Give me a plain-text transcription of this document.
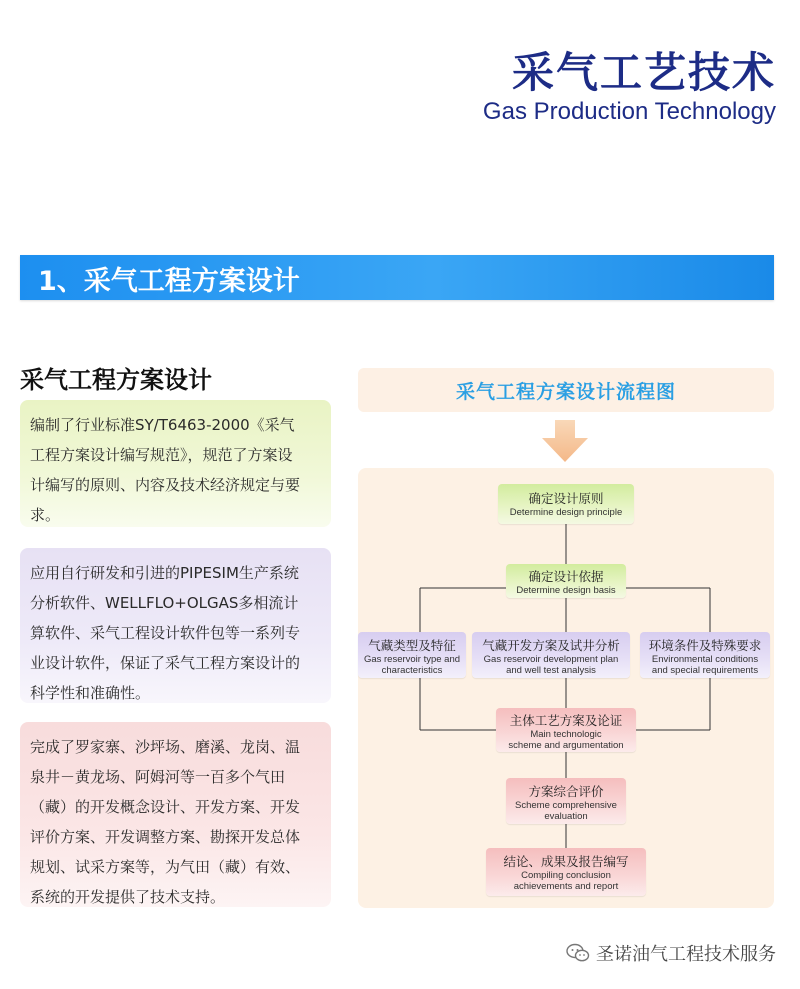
采气工艺技术
Gas Production Technology
1、采气工程方案设计
采气工程方案设计
编制了行业标准SY/T6463-2000《采气
工程方案设计编写规范》，规范了方案设
计编写的原则、内容及技术经济规定与要
求。
应用自行研发和引进的PIPESIM生产系统
分析软件、WELLFLO+OLGAS多相流计
算软件、采气工程设计软件包等一系列专
业设计软件，保证了采气工程方案设计的
科学性和准确性。
完成了罗家寨、沙坪场、磨溪、龙岗、温
泉井－黄龙场、阿姆河等一百多个气田
（藏）的开发概念设计、开发方案、开发
评价方案、开发调整方案、勘探开发总体
规划、试采方案等，为气田（藏）有效、
系统的开发提供了技术支持。
采气工程方案设计流程图
确定设计原则
Determine design principle
确定设计依据
Determine design basis
气藏类型及特征
Gas reservoir type and
characteristics
气藏开发方案及试井分析
Gas reservoir development plan
and well test analysis
环境条件及特殊要求
Environmental conditions
and special requirements
主体工艺方案及论证
Main technologic
scheme and argumentation
方案综合评价
Scheme comprehensive
evaluation
结论、成果及报告编写
Compiling conclusion
achievements and report
圣诺油气工程技术服务
